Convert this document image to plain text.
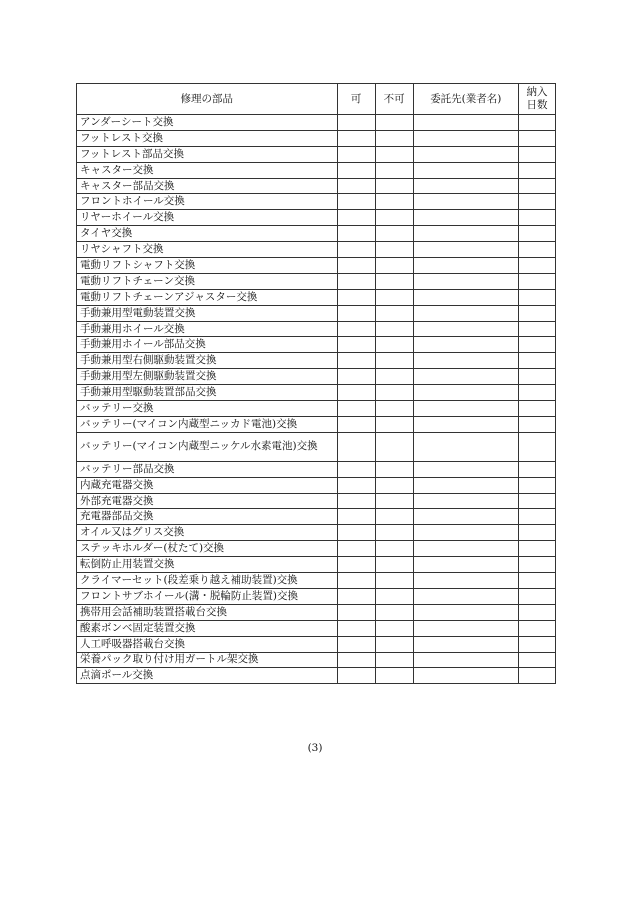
修理の部品	可	不可	委託先(業者名)	納入
日数
アンダーシート交換				
フットレスト交換				
フットレスト部品交換				
キャスター交換				
キャスター部品交換				
フロントホイール交換				
リヤーホイール交換				
タイヤ交換				
リヤシャフト交換				
電動リフトシャフト交換				
電動リフトチェーン交換				
電動リフトチェーンアジャスター交換				
手動兼用型電動装置交換				
手動兼用ホイール交換				
手動兼用ホイール部品交換				
手動兼用型右側駆動装置交換				
手動兼用型左側駆動装置交換				
手動兼用型駆動装置部品交換				
バッテリー交換				
バッテリー(マイコン内蔵型ニッカド電池)交換				
バッテリー(マイコン内蔵型ニッケル水素電池)交換				
バッテリー部品交換				
内蔵充電器交換				
外部充電器交換				
充電器部品交換				
オイル又はグリス交換				
ステッキホルダー(杖たて)交換				
転倒防止用装置交換				
クライマーセット(段差乗り越え補助装置)交換				
フロントサブホイール(溝・脱輪防止装置)交換				
携帯用会話補助装置搭載台交換				
酸素ボンベ固定装置交換				
人工呼吸器搭載台交換				
栄養パック取り付け用ガートル架交換				
点滴ポール交換				
(3)
